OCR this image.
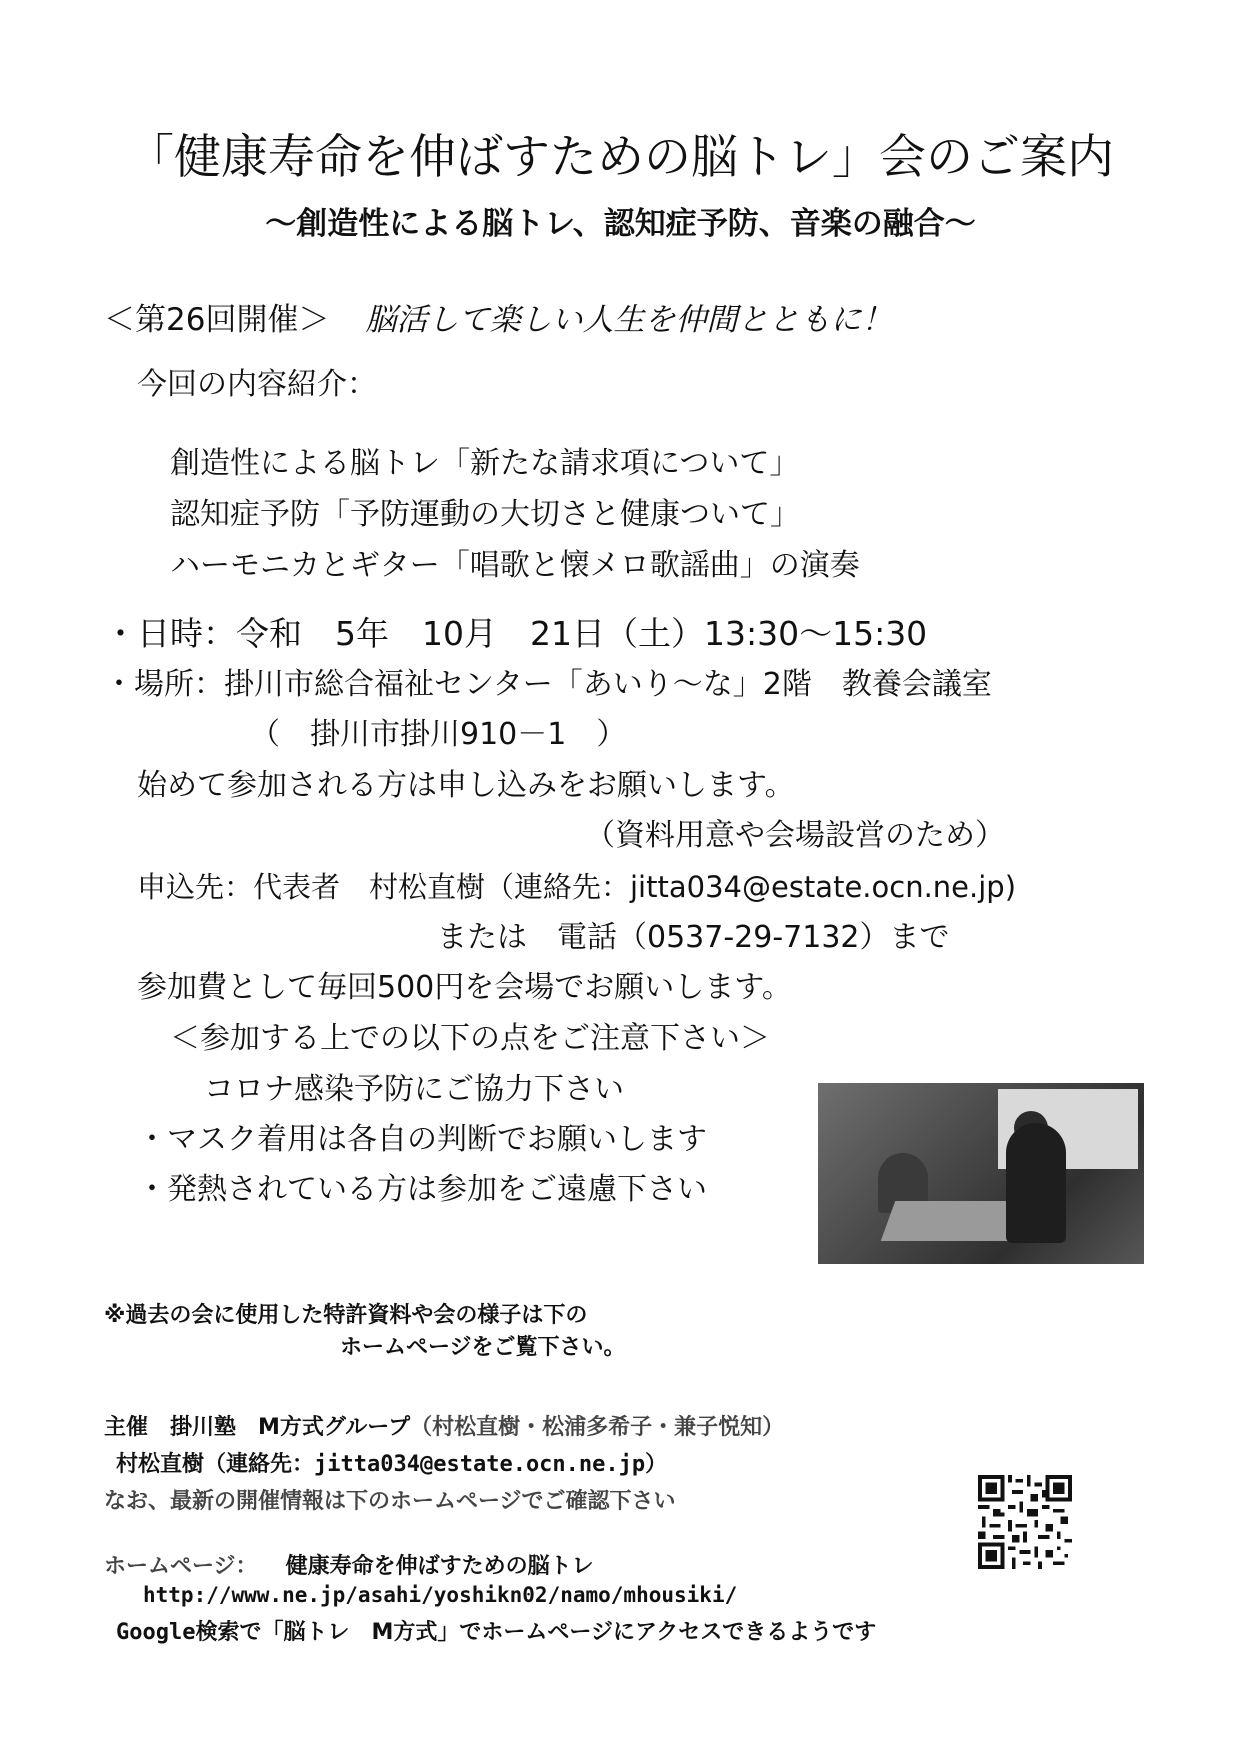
「健康寿命を伸ばすための脳トレ」会のご案内
〜創造性による脳トレ、認知症予防、音楽の融合〜
＜第26回開催＞ 脳活して楽しい人生を仲間とともに！
今回の内容紹介：
創造性による脳トレ「新たな請求項について」
認知症予防「予防運動の大切さと健康ついて」
ハーモニカとギター「唱歌と懐メロ歌謡曲」の演奏
・日時：令和　5年　10月　21日（土）13:30〜15:30
・場所：掛川市総合福祉センター「あいり〜な」2階　教養会議室
（　掛川市掛川910－1　）
始めて参加される方は申し込みをお願いします。
（資料用意や会場設営のため）
申込先：代表者　村松直樹（連絡先：jitta034@estate.ocn.ne.jp)
または　電話（0537-29-7132）まで
参加費として毎回500円を会場でお願いします。
＜参加する上での以下の点をご注意下さい＞
コロナ感染予防にご協力下さい
・マスク着用は各自の判断でお願いします
・発熱されている方は参加をご遠慮下さい
※過去の会に使用した特許資料や会の様子は下の
ホームページをご覧下さい。
主催　掛川塾　M方式グループ（村松直樹・松浦多希子・兼子悦知）
村松直樹（連絡先：jitta034@estate.ocn.ne.jp）
なお、最新の開催情報は下のホームページでご確認下さい
ホームページ： 健康寿命を伸ばすための脳トレ
http://www.ne.jp/asahi/yoshikn02/namo/mhousiki/
Google検索で「脳トレ　M方式」でホームページにアクセスできるようです
